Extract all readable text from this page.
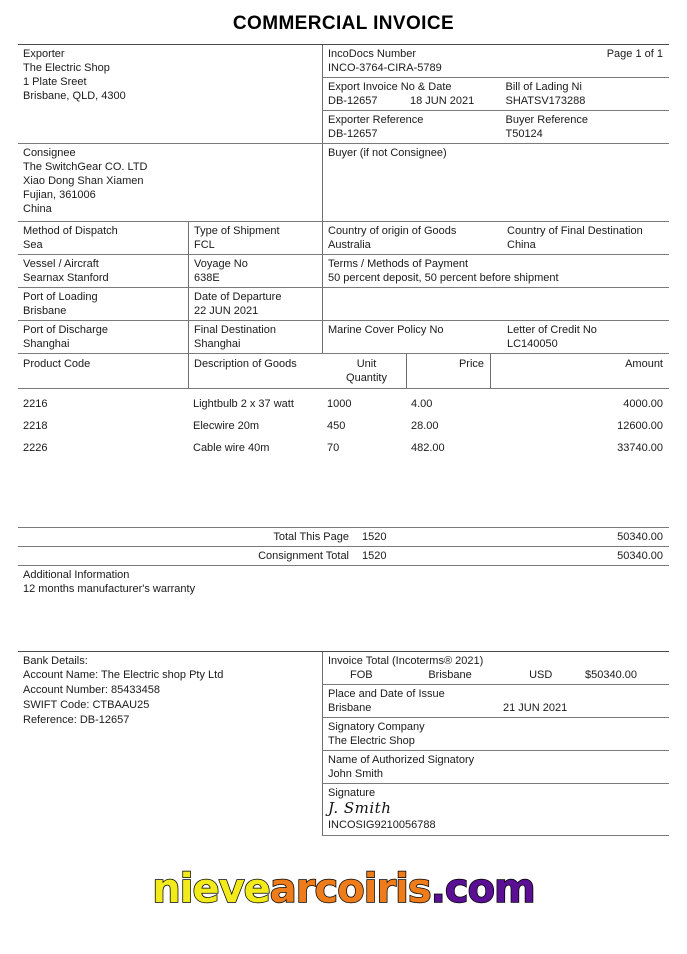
COMMERCIAL INVOICE
Exporter
The Electric Shop
1 Plate Sreet
Brisbane, QLD, 4300
IncoDocs Number	Page 1 of 1
INCO-3764-CIRA-5789
Export Invoice No & Date
DB-12657	18 JUN 2021
Bill of Lading Ni
SHATSV173288
Exporter Reference
DB-12657
Buyer Reference
T50124
Consignee
The SwitchGear CO. LTD
Xiao Dong Shan Xiamen
Fujian, 361006
China
Buyer (if not Consignee)
Method of Dispatch
Sea
Type of Shipment
FCL
Country of origin of Goods
Australia
Country of Final Destination
China
Vessel / Aircraft
Searnax Stanford
Voyage No
638E
Terms / Methods of Payment
50 percent deposit, 50 percent before shipment
Port of Loading
Brisbane
Date of Departure
22 JUN 2021

Port of Discharge
Shanghai
Final Destination
Shanghai
Marine Cover Policy No
	Letter of Credit No
LC140050
Product Code	Description of Goods	Unit
Quantity
Price	Amount
2216	Lightbulb 2 x 37 watt	1000	4.00	4000.00
2218	Elecwire 20m	450	28.00	12600.00
2226	Cable wire 40m	70	482.00	33740.00
Total This Page	1520	50340.00
Consignment Total	1520	50340.00
Additional Information
12 months manufacturer's warranty
Bank Details:
Account Name: The Electric shop Pty Ltd
Account Number: 85433458
SWIFT Code: CTBAAU25
Reference: DB-12657
Invoice Total (Incoterms® 2021)
FOB	Brisbane	USD	$50340.00
Place and Date of Issue
Brisbane	21 JUN 2021
Signatory Company
The Electric Shop
Name of Authorized Signatory
John Smith
Signature
J. Smith
INCOSIG9210056788
nievearcoiris.com
